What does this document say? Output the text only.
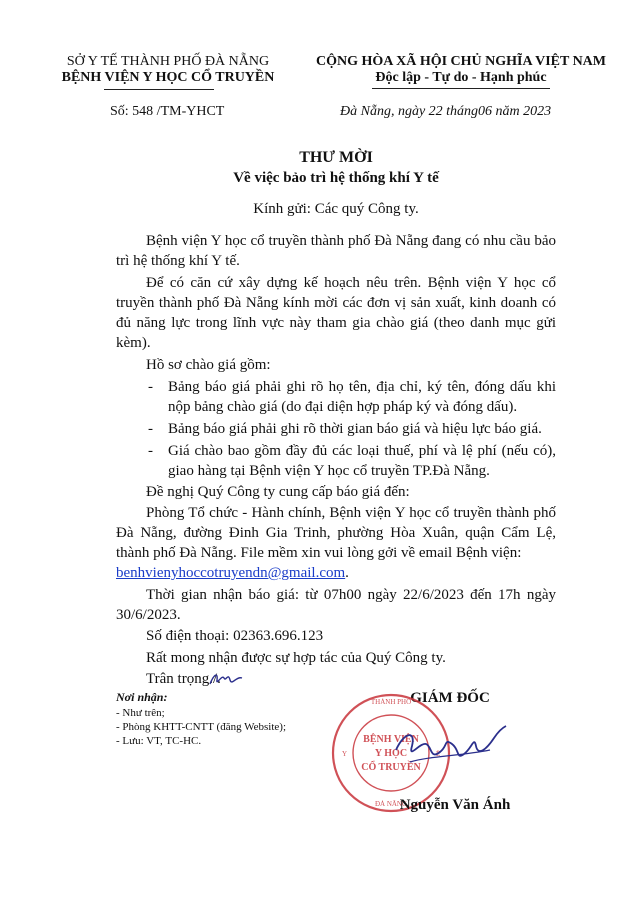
SỞ Y TẾ THÀNH PHỐ ĐÀ NẴNG
BỆNH VIỆN Y HỌC CỔ TRUYỀN
CỘNG HÒA XÃ HỘI CHỦ NGHĨA VIỆT NAM
Độc lập - Tự do - Hạnh phúc
Số: 548 /TM-YHCT	Đà Nẵng, ngày 22 tháng06 năm 2023
THƯ MỜI
Về việc bảo trì hệ thống khí Y tế
Kính gửi: Các quý Công ty.
Bệnh viện Y học cổ truyền thành phố Đà Nẵng đang có nhu cầu bảo trì hệ thống khí Y tế.
Để có căn cứ xây dựng kế hoạch nêu trên. Bệnh viện Y học cổ truyền thành phố Đà Nẵng kính mời các đơn vị sản xuất, kinh doanh có đủ năng lực trong lĩnh vực này tham gia chào giá (theo danh mục gửi kèm).
Hồ sơ chào giá gồm:
- Bảng báo giá phải ghi rõ họ tên, địa chỉ, ký tên, đóng dấu khi nộp bảng chào giá (do đại diện hợp pháp ký và đóng dấu).
- Bảng báo giá phải ghi rõ thời gian báo giá và hiệu lực báo giá.
- Giá chào bao gồm đầy đủ các loại thuế, phí và lệ phí (nếu có), giao hàng tại Bệnh viện Y học cổ truyền TP.Đà Nẵng.
Đề nghị Quý Công ty cung cấp báo giá đến:
Phòng Tổ chức - Hành chính, Bệnh viện Y học cổ truyền thành phố Đà Nẵng, đường Đinh Gia Trinh, phường Hòa Xuân, quận Cẩm Lệ, thành phố Đà Nẵng. File mềm xin vui lòng gởi về email Bệnh viện:
benhvienyhoccotruyendn@gmail.com.
Thời gian nhận báo giá: từ 07h00 ngày 22/6/2023 đến 17h ngày 30/6/2023.
Số điện thoại: 02363.696.123
Rất mong nhận được sự hợp tác của Quý Công ty.
Trân trọng./.
Nơi nhận:
- Như trên;
- Phòng KHTT-CNTT (đăng Website);
- Lưu: VT, TC-HC.
GIÁM ĐỐC
THÀNH PHỐ
Y	Ế
BỆNH VIỆN
Y HỌC
CỔ TRUYỀN
ĐÀ NẴNG
Nguyễn Văn Ánh
